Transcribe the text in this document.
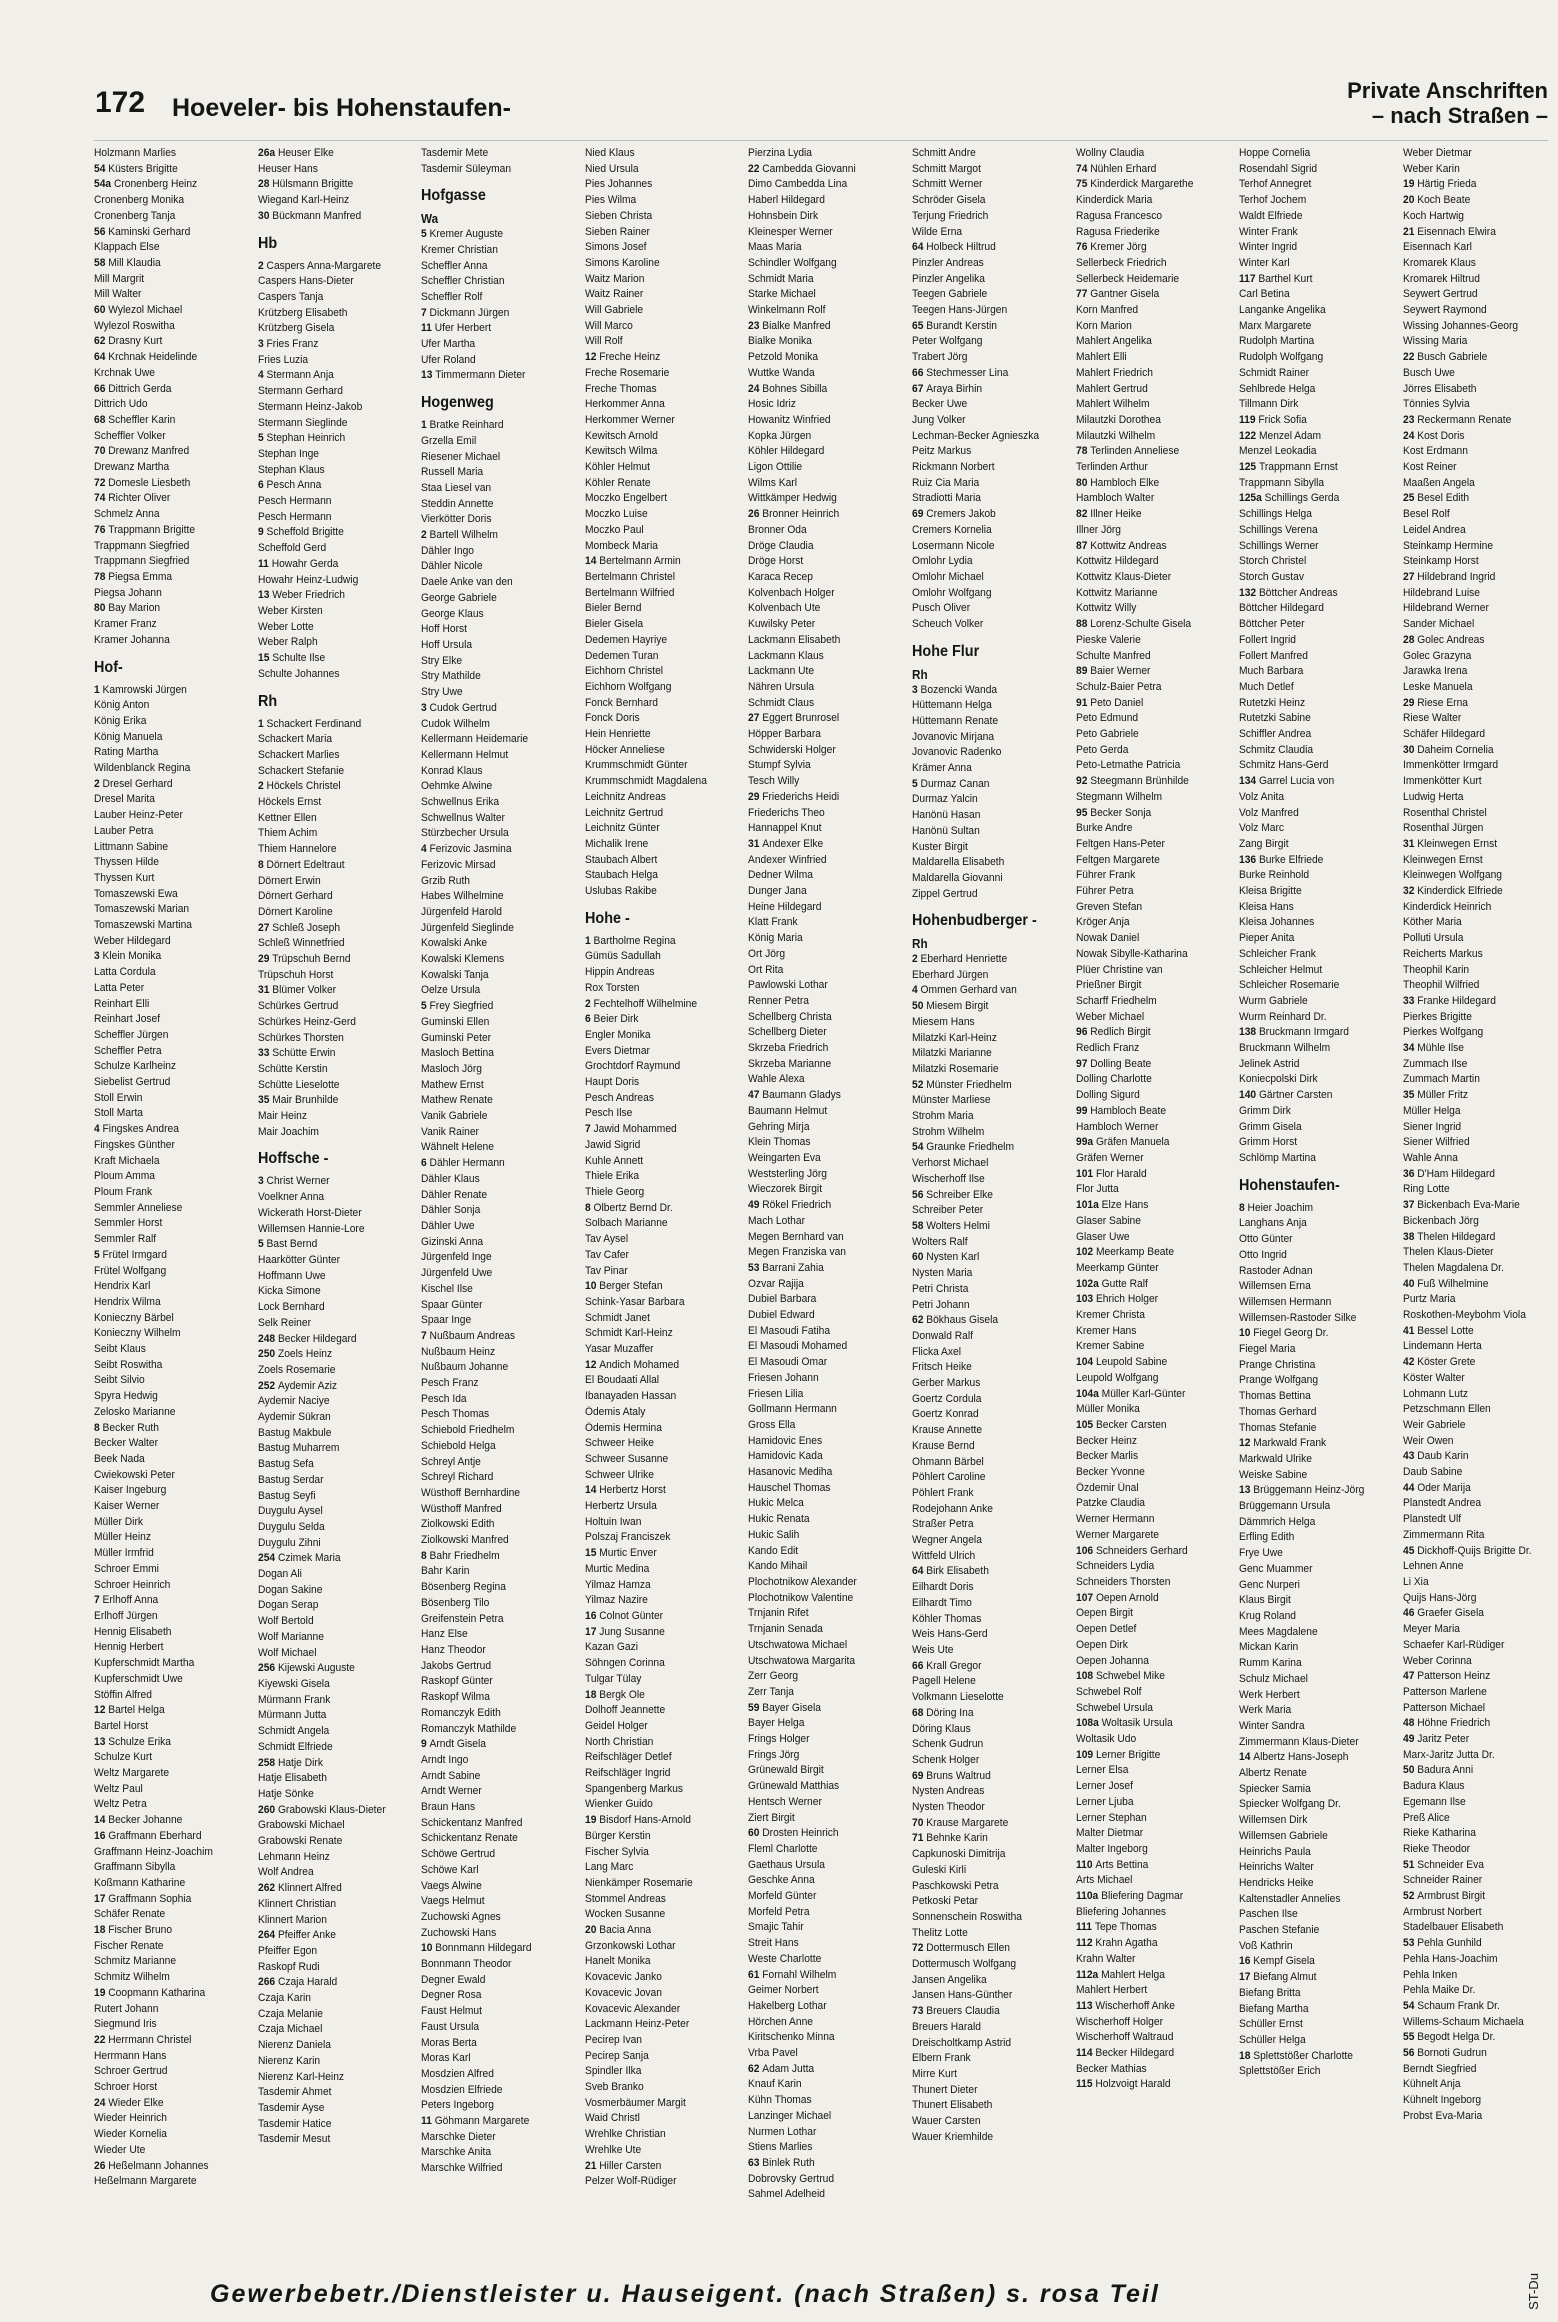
172 Hoeveler- bis Hohenstaufen-
Private Anschriften
– nach Straßen –
Holzmann Marlies
54 Küsters Brigitte
54a Cronenberg Heinz
Cronenberg Monika
Cronenberg Tanja
56 Kaminski Gerhard
Klappach Else
58 Mill Klaudia
Mill Margrit
Mill Walter
60 Wylezol Michael
Wylezol Roswitha
62 Drasny Kurt
64 Krchnak Heidelinde
Krchnak Uwe
66 Dittrich Gerda
Dittrich Udo
68 Scheffler Karin
Scheffler Volker
70 Drewanz Manfred
Drewanz Martha
72 Domesle Liesbeth
74 Richter Oliver
Schmelz Anna
76 Trappmann Brigitte
Trappmann Siegfried
Trappmann Siegfried
78 Piegsa Emma
Piegsa Johann
80 Bay Marion
Kramer Franz
Kramer Johanna
Hof-
1 Kamrowski Jürgen
König Anton
König Erika
König Manuela
Rating Martha
Wildenblanck Regina
2 Dresel Gerhard
Dresel Marita
Lauber Heinz-Peter
Lauber Petra
Littmann Sabine
Thyssen Hilde
Thyssen Kurt
Tomaszewski Ewa
Tomaszewski Marian
Tomaszewski Martina
Weber Hildegard
3 Klein Monika
Latta Cordula
Latta Peter
Reinhart Elli
Reinhart Josef
Scheffler Jürgen
Scheffler Petra
Schulze Karlheinz
Siebelist Gertrud
Stoll Erwin
Stoll Marta
4 Fingskes Andrea
Fingskes Günther
Kraft Michaela
Ploum Amma
Ploum Frank
Semmler Anneliese
Semmler Horst
Semmler Ralf
5 Frütel Irmgard
Frütel Wolfgang
Hendrix Karl
Hendrix Wilma
Konieczny Bärbel
Konieczny Wilhelm
Seibt Klaus
Seibt Roswitha
Seibt Silvio
Spyra Hedwig
Zelosko Marianne
8 Becker Ruth
Becker Walter
Beek Nada
Cwiekowski Peter
Kaiser Ingeburg
Kaiser Werner
Müller Dirk
Müller Heinz
Müller Irmfrid
Schroer Emmi
Schroer Heinrich
7 Erlhoff Anna
Erlhoff Jürgen
Hennig Elisabeth
Hennig Herbert
Kupferschmidt Martha
Kupferschmidt Uwe
Stöffin Alfred
12 Bartel Helga
Bartel Horst
13 Schulze Erika
Schulze Kurt
Weltz Margarete
Weltz Paul
Weltz Petra
14 Becker Johanne
16 Graffmann Eberhard
Graffmann Heinz-Joachim
Graffmann Sibylla
Koßmann Katharine
17 Graffmann Sophia
Schäfer Renate
18 Fischer Bruno
Fischer Renate
Schmitz Marianne
Schmitz Wilhelm
19 Coopmann Katharina
Rutert Johann
Siegmund Iris
22 Herrmann Christel
Herrmann Hans
Schroer Gertrud
Schroer Horst
24 Wieder Elke
Wieder Heinrich
Wieder Kornelia
Wieder Ute
26 Heßelmann Johannes
Heßelmann Margarete
26a Heuser Elke
Heuser Hans
28 Hülsmann Brigitte
Wiegand Karl-Heinz
30 Bückmann Manfred
Hb
2 Caspers Anna-Margarete
Caspers Hans-Dieter
Caspers Tanja
Krützberg Elisabeth
Krützberg Gisela
3 Fries Franz
Fries Luzia
4 Stermann Anja
Stermann Gerhard
Stermann Heinz-Jakob
Stermann Sieglinde
5 Stephan Heinrich
Stephan Inge
Stephan Klaus
6 Pesch Anna
Pesch Hermann
Pesch Hermann
9 Scheffold Brigitte
Scheffold Gerd
11 Howahr Gerda
Howahr Heinz-Ludwig
13 Weber Friedrich
Weber Kirsten
Weber Lotte
Weber Ralph
15 Schulte Ilse
Schulte Johannes
Rh
1 Schackert Ferdinand
Schackert Maria
Schackert Marlies
Schackert Stefanie
2 Höckels Christel
Höckels Ernst
Kettner Ellen
Thiem Achim
Thiem Hannelore
8 Dörnert Edeltraut
Dörnert Erwin
Dörnert Gerhard
Dörnert Karoline
27 Schleß Joseph
Schleß Winnetfried
29 Trüpschuh Bernd
Trüpschuh Horst
31 Blümer Volker
Schürkes Gertrud
Schürkes Heinz-Gerd
Schürkes Thorsten
33 Schütte Erwin
Schütte Kerstin
Schütte Lieselotte
35 Mair Brunhilde
Mair Heinz
Mair Joachim
Hoffsche -
3 Christ Werner
Voelkner Anna
Wickerath Horst-Dieter
Willemsen Hannie-Lore
5 Bast Bernd
Haarkötter Günter
Hoffmann Uwe
Kicka Simone
Lock Bernhard
Selk Reiner
248 Becker Hildegard
250 Zoels Heinz
Zoels Rosemarie
252 Aydemir Aziz
Aydemir Naciye
Aydemir Sükran
Bastug Makbule
Bastug Muharrem
Bastug Sefa
Bastug Serdar
Bastug Seyfi
Duygulu Aysel
Duygulu Selda
Duygulu Zihni
254 Czimek Maria
Dogan Ali
Dogan Sakine
Dogan Serap
Wolf Bertold
Wolf Marianne
Wolf Michael
256 Kijewski Auguste
Kiyewski Gisela
Mürmann Frank
Mürmann Jutta
Schmidt Angela
Schmidt Elfriede
258 Hatje Dirk
Hatje Elisabeth
Hatje Sönke
260 Grabowski Klaus-Dieter
Grabowski Michael
Grabowski Renate
Lehmann Heinz
Wolf Andrea
262 Klinnert Alfred
Klinnert Christian
Klinnert Marion
264 Pfeiffer Anke
Pfeiffer Egon
Raskopf Rudi
266 Czaja Harald
Czaja Karin
Czaja Melanie
Czaja Michael
Nierenz Daniela
Nierenz Karin
Nierenz Karl-Heinz
Tasdemir Ahmet
Tasdemir Ayse
Tasdemir Hatice
Tasdemir Mesut
Tasdemir Mete
Tasdemir Süleyman
Hofgasse
Wa
5 Kremer Auguste
Kremer Christian
Scheffler Anna
Scheffler Christian
Scheffler Rolf
7 Dickmann Jürgen
11 Ufer Herbert
Ufer Martha
Ufer Roland
13 Timmermann Dieter
Hogenweg
1 Bratke Reinhard
Grzella Emil
Riesener Michael
Russell Maria
Staa Liesel van
Steddin Annette
Vierkötter Doris
2 Bartell Wilhelm
Dähler Ingo
Dähler Nicole
Daele Anke van den
George Gabriele
George Klaus
Hoff Horst
Hoff Ursula
Stry Elke
Stry Mathilde
Stry Uwe
3 Cudok Gertrud
Cudok Wilhelm
Kellermann Heidemarie
Kellermann Helmut
Konrad Klaus
Oehmke Alwine
Schwellnus Erika
Schwellnus Walter
Stürzbecher Ursula
4 Ferizovic Jasmina
Ferizovic Mirsad
Grzib Ruth
Habes Wilhelmine
Jürgenfeld Harold
Jürgenfeld Sieglinde
Kowalski Anke
Kowalski Klemens
Kowalski Tanja
Oelze Ursula
5 Frey Siegfried
Guminski Ellen
Guminski Peter
Masloch Bettina
Masloch Jörg
Mathew Ernst
Mathew Renate
Vanik Gabriele
Vanik Rainer
Wähnelt Helene
6 Dähler Hermann
Dähler Klaus
Dähler Renate
Dähler Sonja
Dähler Uwe
Gizinski Anna
Jürgenfeld Inge
Jürgenfeld Uwe
Kischel Ilse
Spaar Günter
Spaar Inge
7 Nußbaum Andreas
Nußbaum Heinz
Nußbaum Johanne
Pesch Franz
Pesch Ida
Pesch Thomas
Schiebold Friedhelm
Schiebold Helga
Schreyl Antje
Schreyl Richard
Wüsthoff Bernhardine
Wüsthoff Manfred
Ziolkowski Edith
Ziolkowski Manfred
8 Bahr Friedhelm
Bahr Karin
Bösenberg Regina
Bösenberg Tilo
Greifenstein Petra
Hanz Else
Hanz Theodor
Jakobs Gertrud
Raskopf Günter
Raskopf Wilma
Romanczyk Edith
Romanczyk Mathilde
9 Arndt Gisela
Arndt Ingo
Arndt Sabine
Arndt Werner
Braun Hans
Schickentanz Manfred
Schickentanz Renate
Schöwe Gertrud
Schöwe Karl
Vaegs Alwine
Vaegs Helmut
Zuchowski Agnes
Zuchowski Hans
10 Bonnmann Hildegard
Bonnmann Theodor
Degner Ewald
Degner Rosa
Faust Helmut
Faust Ursula
Moras Berta
Moras Karl
Mosdzien Alfred
Mosdzien Elfriede
Peters Ingeborg
11 Göhmann Margarete
Marschke Dieter
Marschke Anita
Marschke Wilfried
Nied Klaus
Nied Ursula
Pies Johannes
Pies Wilma
Sieben Christa
Sieben Rainer
Simons Josef
Simons Karoline
Waitz Marion
Waitz Rainer
Will Gabriele
Will Marco
Will Rolf
12 Freche Heinz
Freche Rosemarie
Freche Thomas
Herkommer Anna
Herkommer Werner
Kewitsch Arnold
Kewitsch Wilma
Köhler Helmut
Köhler Renate
Moczko Engelbert
Moczko Luise
Moczko Paul
Mombeck Maria
14 Bertelmann Armin
Bertelmann Christel
Bertelmann Wilfried
Bieler Bernd
Bieler Gisela
Dedemen Hayriye
Dedemen Turan
Eichhorn Christel
Eichhorn Wolfgang
Fonck Bernhard
Fonck Doris
Hein Henriette
Höcker Anneliese
Krummschmidt Günter
Krummschmidt Magdalena
Leichnitz Andreas
Leichnitz Gertrud
Leichnitz Günter
Michalik Irene
Staubach Albert
Staubach Helga
Uslubas Rakibe
Hohe -
1 Bartholme Regina
Gümüs Sadullah
Hippin Andreas
Rox Torsten
2 Fechtelhoff Wilhelmine
6 Beier Dirk
Engler Monika
Evers Dietmar
Grochtdorf Raymund
Haupt Doris
Pesch Andreas
Pesch Ilse
7 Jawid Mohammed
Jawid Sigrid
Kuhle Annett
Thiele Erika
Thiele Georg
8 Olbertz Bernd Dr.
Solbach Marianne
Tav Aysel
Tav Cafer
Tav Pinar
10 Berger Stefan
Schink-Yasar Barbara
Schmidt Janet
Schmidt Karl-Heinz
Yasar Muzaffer
12 Andich Mohamed
El Boudaati Allal
Ibanayaden Hassan
Ödemis Ataly
Ödemis Hermina
Schweer Heike
Schweer Susanne
Schweer Ulrike
14 Herbertz Horst
Herbertz Ursula
Holtuin Iwan
Polszaj Franciszek
15 Murtic Enver
Murtic Medina
Yilmaz Hamza
Yilmaz Nazire
16 Colnot Günter
17 Jung Susanne
Kazan Gazi
Söhngen Corinna
Tulgar Tülay
18 Bergk Ole
Dolhoff Jeannette
Geidel Holger
North Christian
Reifschläger Detlef
Reifschläger Ingrid
Spangenberg Markus
Wienker Guido
19 Bisdorf Hans-Arnold
Bürger Kerstin
Fischer Sylvia
Lang Marc
Nienkämper Rosemarie
Stommel Andreas
Wocken Susanne
20 Bacia Anna
Grzonkowski Lothar
Hanelt Monika
Kovacevic Janko
Kovacevic Jovan
Kovacevic Alexander
Lackmann Heinz-Peter
Pecirep Ivan
Pecirep Sanja
Spindler Ilka
Sveb Branko
Vosmerbäumer Margit
Waid Christl
Wrehlke Christian
Wrehlke Ute
21 Hiller Carsten
Pelzer Wolf-Rüdiger
Pierzina Lydia
22 Cambedda Giovanni
Dimo Cambedda Lina
Haberl Hildegard
Hohnsbein Dirk
Kleinesper Werner
Maas Maria
Schindler Wolfgang
Schmidt Maria
Starke Michael
Winkelmann Rolf
23 Bialke Manfred
Bialke Monika
Petzold Monika
Wuttke Wanda
24 Bohnes Sibilla
Hosic Idriz
Howanitz Winfried
Kopka Jürgen
Köhler Hildegard
Ligon Ottilie
Wilms Karl
Wittkämper Hedwig
26 Bronner Heinrich
Bronner Oda
Dröge Claudia
Dröge Horst
Karaca Recep
Kolvenbach Holger
Kolvenbach Ute
Kuwilsky Peter
Lackmann Elisabeth
Lackmann Klaus
Lackmann Ute
Nähren Ursula
Schmidt Claus
27 Eggert Brunrosel
Höpper Barbara
Schwiderski Holger
Stumpf Sylvia
Tesch Willy
29 Friederichs Heidi
Friederichs Theo
Hannappel Knut
31 Andexer Elke
Andexer Winfried
Dedner Wilma
Dunger Jana
Heine Hildegard
Klatt Frank
König Maria
Ort Jörg
Ort Rita
Pawlowski Lothar
Renner Petra
Schellberg Christa
Schellberg Dieter
Skrzeba Friedrich
Skrzeba Marianne
Wahle Alexa
47 Baumann Gladys
Baumann Helmut
Gehring Mirja
Klein Thomas
Weingarten Eva
Weststerling Jörg
Wieczorek Birgit
49 Rökel Friedrich
Mach Lothar
Megen Bernhard van
Megen Franziska van
53 Barrani Zahia
Ozvar Rajija
Dubiel Barbara
Dubiel Edward
El Masoudi Fatiha
El Masoudi Mohamed
El Masoudi Omar
Friesen Johann
Friesen Lilia
Gollmann Hermann
Gross Ella
Hamidovic Enes
Hamidovic Kada
Hasanovic Mediha
Hauschel Thomas
Hukic Melca
Hukic Renata
Hukic Salih
Kando Edit
Kando Mihail
Plochotnikow Alexander
Plochotnikow Valentine
Trnjanin Rifet
Trnjanin Senada
Utschwatowa Michael
Utschwatowa Margarita
Zerr Georg
Zerr Tanja
59 Bayer Gisela
Bayer Helga
Frings Holger
Frings Jörg
Grünewald Birgit
Grünewald Matthias
Hentsch Werner
Ziert Birgit
60 Drosten Heinrich
Fleml Charlotte
Gaethaus Ursula
Geschke Anna
Morfeld Günter
Morfeld Petra
Smajic Tahir
Streit Hans
Weste Charlotte
61 Fornahl Wilhelm
Geimer Norbert
Hakelberg Lothar
Hörchen Anne
Kiritschenko Minna
Vrba Pavel
62 Adam Jutta
Knauf Karin
Kühn Thomas
Lanzinger Michael
Nurmen Lothar
Stiens Marlies
63 Binlek Ruth
Dobrovsky Gertrud
Sahmel Adelheid
Schmitt Andre
Schmitt Margot
Schmitt Werner
Schröder Gisela
Terjung Friedrich
Wilde Erna
64 Holbeck Hiltrud
Pinzler Andreas
Pinzler Angelika
Teegen Gabriele
Teegen Hans-Jürgen
65 Burandt Kerstin
Peter Wolfgang
Trabert Jörg
66 Stechmesser Lina
67 Araya Birhin
Becker Uwe
Jung Volker
Lechman-Becker Agnieszka
Peitz Markus
Rickmann Norbert
Ruiz Cia Maria
Stradiotti Maria
69 Cremers Jakob
Cremers Kornelia
Losermann Nicole
Omlohr Lydia
Omlohr Michael
Omlohr Wolfgang
Pusch Oliver
Scheuch Volker
Hohe Flur
Rh
3 Bozencki Wanda
Hüttemann Helga
Hüttemann Renate
Jovanovic Mirjana
Jovanovic Radenko
Krämer Anna
5 Durmaz Canan
Durmaz Yalcin
Hanönü Hasan
Hanönü Sultan
Kuster Birgit
Maldarella Elisabeth
Maldarella Giovanni
Zippel Gertrud
Hohenbudberger -
Rh
2 Eberhard Henriette
Eberhard Jürgen
4 Ommen Gerhard van
50 Miesem Birgit
Miesem Hans
Milatzki Karl-Heinz
Milatzki Marianne
Milatzki Rosemarie
52 Münster Friedhelm
Münster Marliese
Strohm Maria
Strohm Wilhelm
54 Graunke Friedhelm
Verhorst Michael
Wischerhoff Ilse
56 Schreiber Elke
Schreiber Peter
58 Wolters Helmi
Wolters Ralf
60 Nysten Karl
Nysten Maria
Petri Christa
Petri Johann
62 Bökhaus Gisela
Donwald Ralf
Flicka Axel
Fritsch Heike
Gerber Markus
Goertz Cordula
Goertz Konrad
Krause Annette
Krause Bernd
Ohmann Bärbel
Pöhlert Caroline
Pöhlert Frank
Rodejohann Anke
Straßer Petra
Wegner Angela
Wittfeld Ulrich
64 Birk Elisabeth
Eilhardt Doris
Eilhardt Timo
Köhler Thomas
Weis Hans-Gerd
Weis Ute
66 Krall Gregor
Pagell Helene
Volkmann Lieselotte
68 Döring Ina
Döring Klaus
Schenk Gudrun
Schenk Holger
69 Bruns Waltrud
Nysten Andreas
Nysten Theodor
70 Krause Margarete
71 Behnke Karin
Capkunoski Dimitrija
Guleski Kirli
Paschkowski Petra
Petkoski Petar
Sonnenschein Roswitha
Thelitz Lotte
72 Dottermusch Ellen
Dottermusch Wolfgang
Jansen Angelika
Jansen Hans-Günther
73 Breuers Claudia
Breuers Harald
Dreischoltkamp Astrid
Elbern Frank
Mirre Kurt
Thunert Dieter
Thunert Elisabeth
Wauer Carsten
Wauer Kriemhilde
Wollny Claudia
74 Nühlen Erhard
75 Kinderdick Margarethe
Kinderdick Maria
Ragusa Francesco
Ragusa Friederike
76 Kremer Jörg
Sellerbeck Friedrich
Sellerbeck Heidemarie
77 Gantner Gisela
Korn Manfred
Korn Marion
Mahlert Angelika
Mahlert Elli
Mahlert Friedrich
Mahlert Gertrud
Mahlert Wilhelm
Milautzki Dorothea
Milautzki Wilhelm
78 Terlinden Anneliese
Terlinden Arthur
80 Hambloch Elke
Hambloch Walter
82 Illner Heike
Illner Jörg
87 Kottwitz Andreas
Kottwitz Hildegard
Kottwitz Klaus-Dieter
Kottwitz Marianne
Kottwitz Willy
88 Lorenz-Schulte Gisela
Pieske Valerie
Schulte Manfred
89 Baier Werner
Schulz-Baier Petra
91 Peto Daniel
Peto Edmund
Peto Gabriele
Peto Gerda
Peto-Letmathe Patricia
92 Steegmann Brünhilde
Stegmann Wilhelm
95 Becker Sonja
Burke Andre
Feltgen Hans-Peter
Feltgen Margarete
Führer Frank
Führer Petra
Greven Stefan
Kröger Anja
Nowak Daniel
Nowak Sibylle-Katharina
Plüer Christine van
Prießner Birgit
Scharff Friedhelm
Weber Michael
96 Redlich Birgit
Redlich Franz
97 Dolling Beate
Dolling Charlotte
Dolling Sigurd
99 Hambloch Beate
Hambloch Werner
99a Gräfen Manuela
Gräfen Werner
101 Flor Harald
Flor Jutta
101a Elze Hans
Glaser Sabine
Glaser Uwe
102 Meerkamp Beate
Meerkamp Günter
102a Gutte Ralf
103 Ehrich Holger
Kremer Christa
Kremer Hans
Kremer Sabine
104 Leupold Sabine
Leupold Wolfgang
104a Müller Karl-Günter
Müller Monika
105 Becker Carsten
Becker Heinz
Becker Marlis
Becker Yvonne
Özdemir Ünal
Patzke Claudia
Werner Hermann
Werner Margarete
106 Schneiders Gerhard
Schneiders Lydia
Schneiders Thorsten
107 Oepen Arnold
Oepen Birgit
Oepen Detlef
Oepen Dirk
Oepen Johanna
108 Schwebel Mike
Schwebel Rolf
Schwebel Ursula
108a Woltasik Ursula
Woltasik Udo
109 Lerner Brigitte
Lerner Elsa
Lerner Josef
Lerner Ljuba
Lerner Stephan
Malter Dietmar
Malter Ingeborg
110 Arts Bettina
Arts Michael
110a Bliefering Dagmar
Bliefering Johannes
111 Tepe Thomas
112 Krahn Agatha
Krahn Walter
112a Mahlert Helga
Mahlert Herbert
113 Wischerhoff Anke
Wischerhoff Holger
Wischerhoff Waltraud
114 Becker Hildegard
Becker Mathias
115 Holzvoigt Harald
Hoppe Cornelia
Rosendahl Sigrid
Terhof Annegret
Terhof Jochem
Waldt Elfriede
Winter Frank
Winter Ingrid
Winter Karl
117 Barthel Kurt
Carl Betina
Langanke Angelika
Marx Margarete
Rudolph Martina
Rudolph Wolfgang
Schmidt Rainer
Sehlbrede Helga
Tillmann Dirk
119 Frick Sofia
122 Menzel Adam
Menzel Leokadia
125 Trappmann Ernst
Trappmann Sibylla
125a Schillings Gerda
Schillings Helga
Schillings Verena
Schillings Werner
Storch Christel
Storch Gustav
132 Böttcher Andreas
Böttcher Hildegard
Böttcher Peter
Follert Ingrid
Follert Manfred
Much Barbara
Much Detlef
Rutetzki Heinz
Rutetzki Sabine
Schiffler Andrea
Schmitz Claudia
Schmitz Hans-Gerd
134 Garrel Lucia von
Volz Anita
Volz Manfred
Volz Marc
Zang Birgit
136 Burke Elfriede
Burke Reinhold
Kleisa Brigitte
Kleisa Hans
Kleisa Johannes
Pieper Anita
Schleicher Frank
Schleicher Helmut
Schleicher Rosemarie
Wurm Gabriele
Wurm Reinhard Dr.
138 Bruckmann Irmgard
Bruckmann Wilhelm
Jelinek Astrid
Koniecpolski Dirk
140 Gärtner Carsten
Grimm Dirk
Grimm Gisela
Grimm Horst
Schlömp Martina
Hohenstaufen-
8 Heier Joachim
Langhans Anja
Otto Günter
Otto Ingrid
Rastoder Adnan
Willemsen Erna
Willemsen Hermann
Willemsen-Rastoder Silke
10 Fiegel Georg Dr.
Fiegel Maria
Prange Christina
Prange Wolfgang
Thomas Bettina
Thomas Gerhard
Thomas Stefanie
12 Markwald Frank
Markwald Ulrike
Weiske Sabine
13 Brüggemann Heinz-Jörg
Brüggemann Ursula
Dämmrich Helga
Erfling Edith
Frye Uwe
Genc Muammer
Genc Nurperi
Klaus Birgit
Krug Roland
Mees Magdalene
Mickan Karin
Rumm Karina
Schulz Michael
Werk Herbert
Werk Maria
Winter Sandra
Zimmermann Klaus-Dieter
14 Albertz Hans-Joseph
Albertz Renate
Spiecker Samia
Spiecker Wolfgang Dr.
Willemsen Dirk
Willemsen Gabriele
Heinrichs Paula
Heinrichs Walter
Hendricks Heike
Kaltenstadler Annelies
Paschen Ilse
Paschen Stefanie
Voß Kathrin
16 Kempf Gisela
17 Biefang Almut
Biefang Britta
Biefang Martha
Schüller Ernst
Schüller Helga
18 Splettstößer Charlotte
Splettstößer Erich
Weber Dietmar
Weber Karin
19 Härtig Frieda
20 Koch Beate
Koch Hartwig
21 Eisennach Elwira
Eisennach Karl
Kromarek Klaus
Kromarek Hiltrud
Seywert Gertrud
Seywert Raymond
Wissing Johannes-Georg
Wissing Maria
22 Busch Gabriele
Busch Uwe
Jörres Elisabeth
Tönnies Sylvia
23 Reckermann Renate
24 Kost Doris
Kost Erdmann
Kost Reiner
Maaßen Angela
25 Besel Edith
Besel Rolf
Leidel Andrea
Steinkamp Hermine
Steinkamp Horst
27 Hildebrand Ingrid
Hildebrand Luise
Hildebrand Werner
Sander Michael
28 Golec Andreas
Golec Grazyna
Jarawka Irena
Leske Manuela
29 Riese Erna
Riese Walter
Schäfer Hildegard
30 Daheim Cornelia
Immenkötter Irmgard
Immenkötter Kurt
Ludwig Herta
Rosenthal Christel
Rosenthal Jürgen
31 Kleinwegen Ernst
Kleinwegen Ernst
Kleinwegen Wolfgang
32 Kinderdick Elfriede
Kinderdick Heinrich
Köther Maria
Polluti Ursula
Reicherts Markus
Theophil Karin
Theophil Wilfried
33 Franke Hildegard
Pierkes Brigitte
Pierkes Wolfgang
34 Mühle Ilse
Zummach Ilse
Zummach Martin
35 Müller Fritz
Müller Helga
Siener Ingrid
Siener Wilfried
Wahle Anna
36 D'Ham Hildegard
Ring Lotte
37 Bickenbach Eva-Marie
Bickenbach Jörg
38 Thelen Hildegard
Thelen Klaus-Dieter
Thelen Magdalena Dr.
40 Fuß Wilhelmine
Purtz Maria
Roskothen-Meybohm Viola
41 Bessel Lotte
Lindemann Herta
42 Köster Grete
Köster Walter
Lohmann Lutz
Petzschmann Ellen
Weir Gabriele
Weir Owen
43 Daub Karin
Daub Sabine
44 Oder Marija
Planstedt Andrea
Planstedt Ulf
Zimmermann Rita
45 Dickhoff-Quijs Brigitte Dr.
Lehnen Anne
Li Xia
Quijs Hans-Jörg
46 Graefer Gisela
Meyer Maria
Schaefer Karl-Rüdiger
Weber Corinna
47 Patterson Heinz
Patterson Marlene
Patterson Michael
48 Höhne Friedrich
49 Jaritz Peter
Marx-Jaritz Jutta Dr.
50 Badura Anni
Badura Klaus
Egemann Ilse
Preß Alice
Rieke Katharina
Rieke Theodor
51 Schneider Eva
Schneider Rainer
52 Armbrust Birgit
Armbrust Norbert
Stadelbauer Elisabeth
53 Pehla Gunhild
Pehla Hans-Joachim
Pehla Inken
Pehla Maike Dr.
54 Schaum Frank Dr.
Willems-Schaum Michaela
55 Begodt Helga Dr.
56 Bornoti Gudrun
Berndt Siegfried
Kühnelt Anja
Kühnelt Ingeborg
Probst Eva-Maria
Gewerbebetr./Dienstleister u. Hauseigent. (nach Straßen) s. rosa Teil	ST-Du
